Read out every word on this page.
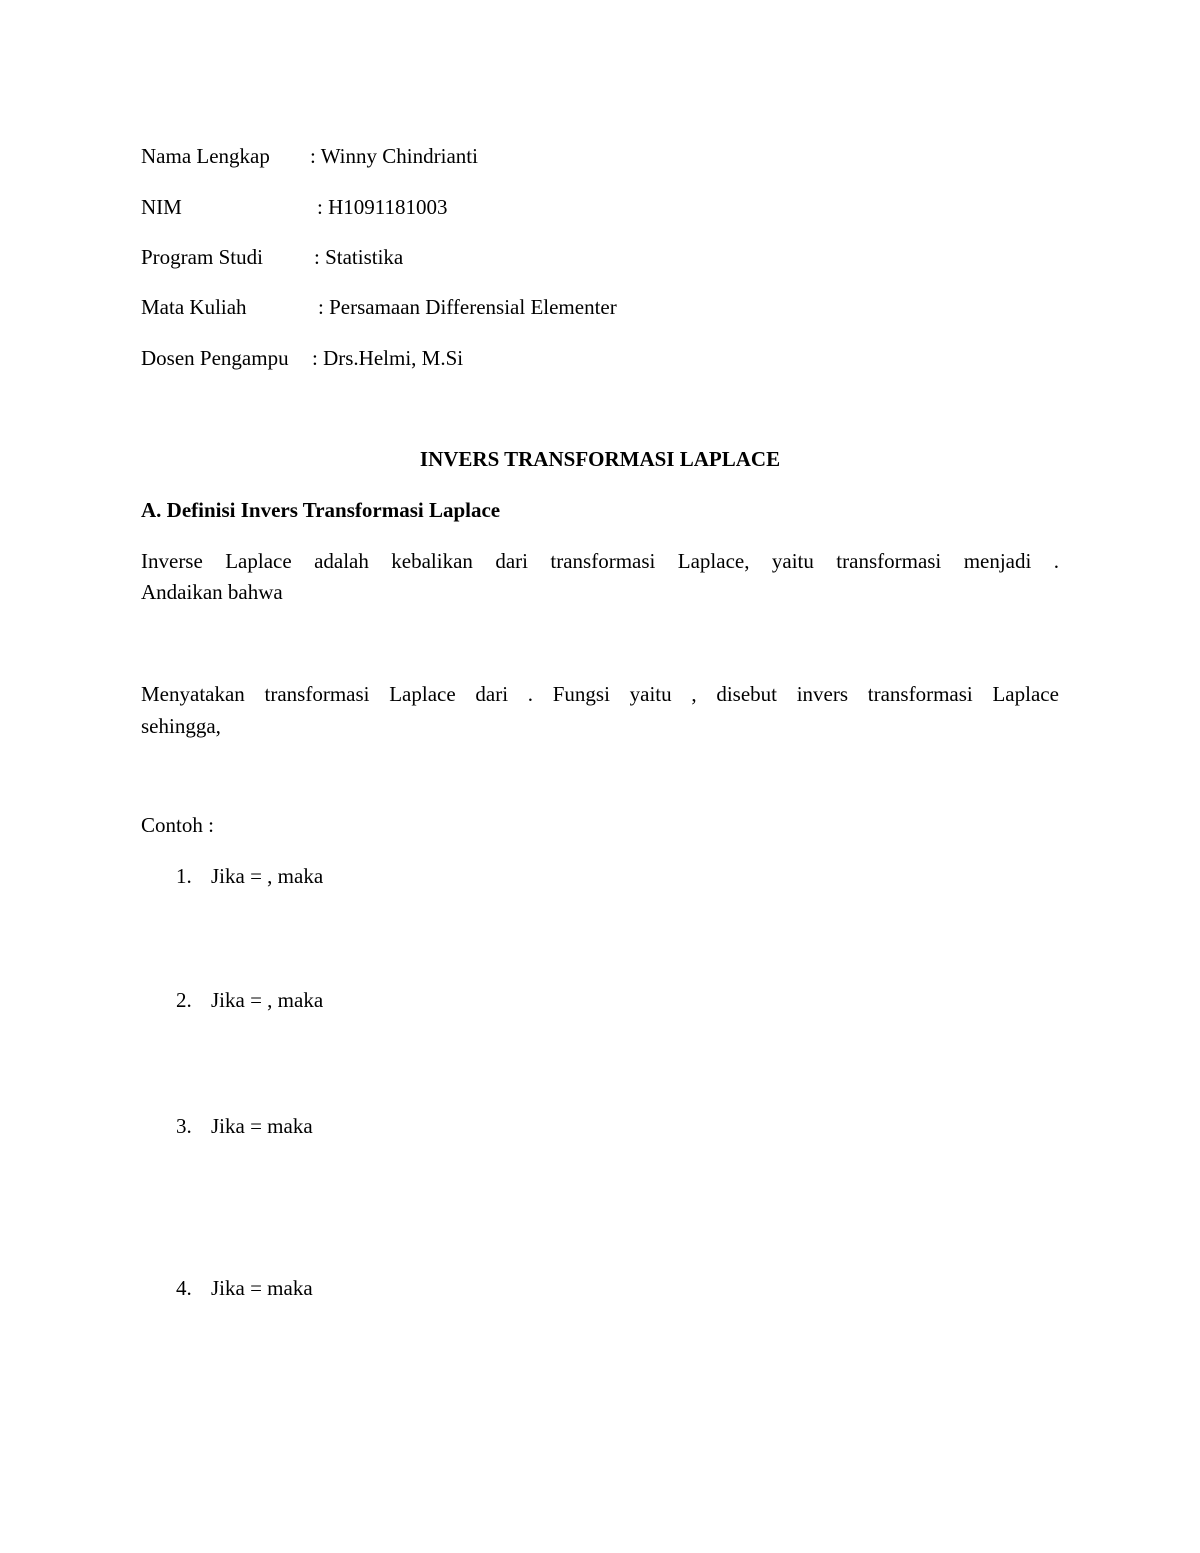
Nama Lengkap : Winny Chindrianti
NIM	: H1091181003
Program Studi : Statistika
Mata Kuliah	: Persamaan Differensial Elementer
Dosen Pengampu : Drs.Helmi, M.Si
INVERS TRANSFORMASI LAPLACE
A. Definisi Invers Transformasi Laplace
Inverse Laplace adalah kebalikan dari transformasi Laplace, yaitu transformasi menjadi .
Andaikan bahwa
Menyatakan transformasi Laplace dari . Fungsi yaitu , disebut invers transformasi Laplace
sehingga,
Contoh :
1. Jika = , maka
2. Jika = , maka
3. Jika = maka
4. Jika = maka
